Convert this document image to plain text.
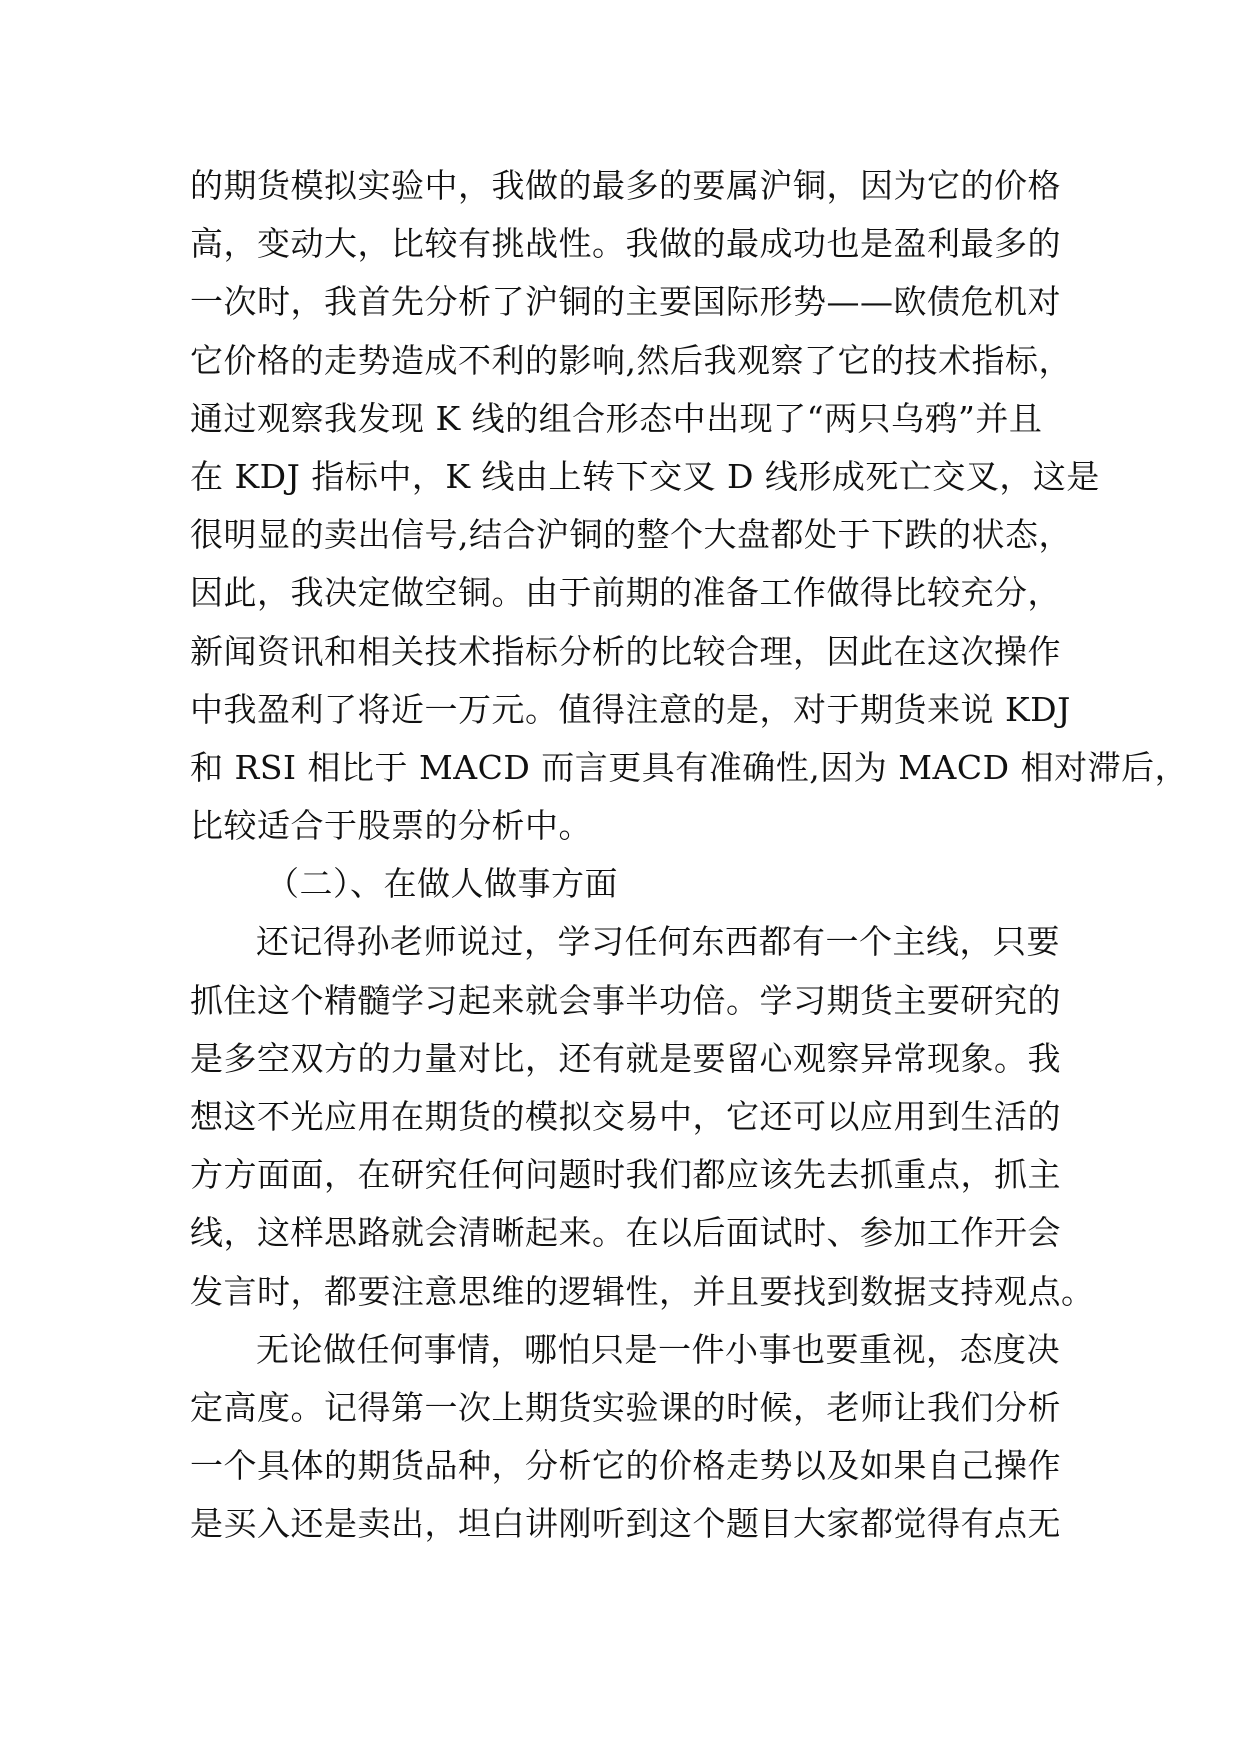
的期货模拟实验中，我做的最多的要属沪铜，因为它的价格
高，变动大，比较有挑战性。我做的最成功也是盈利最多的
一次时，我首先分析了沪铜的主要国际形势——欧债危机对
它价格的走势造成不利的影响,然后我观察了它的技术指标，
通过观察我发现 K 线的组合形态中出现了“两只乌鸦”并且
在 KDJ 指标中，K 线由上转下交叉 D 线形成死亡交叉，这是
很明显的卖出信号,结合沪铜的整个大盘都处于下跌的状态，
因此，我决定做空铜。由于前期的准备工作做得比较充分，
新闻资讯和相关技术指标分析的比较合理，因此在这次操作
中我盈利了将近一万元。值得注意的是，对于期货来说 KDJ
和 RSI 相比于 MACD 而言更具有准确性,因为 MACD 相对滞后，
比较适合于股票的分析中。
（二）、在做人做事方面
还记得孙老师说过，学习任何东西都有一个主线，只要
抓住这个精髓学习起来就会事半功倍。学习期货主要研究的
是多空双方的力量对比，还有就是要留心观察异常现象。我
想这不光应用在期货的模拟交易中，它还可以应用到生活的
方方面面，在研究任何问题时我们都应该先去抓重点，抓主
线，这样思路就会清晰起来。在以后面试时、参加工作开会
发言时，都要注意思维的逻辑性，并且要找到数据支持观点。
无论做任何事情，哪怕只是一件小事也要重视，态度决
定高度。记得第一次上期货实验课的时候，老师让我们分析
一个具体的期货品种，分析它的价格走势以及如果自己操作
是买入还是卖出，坦白讲刚听到这个题目大家都觉得有点无
